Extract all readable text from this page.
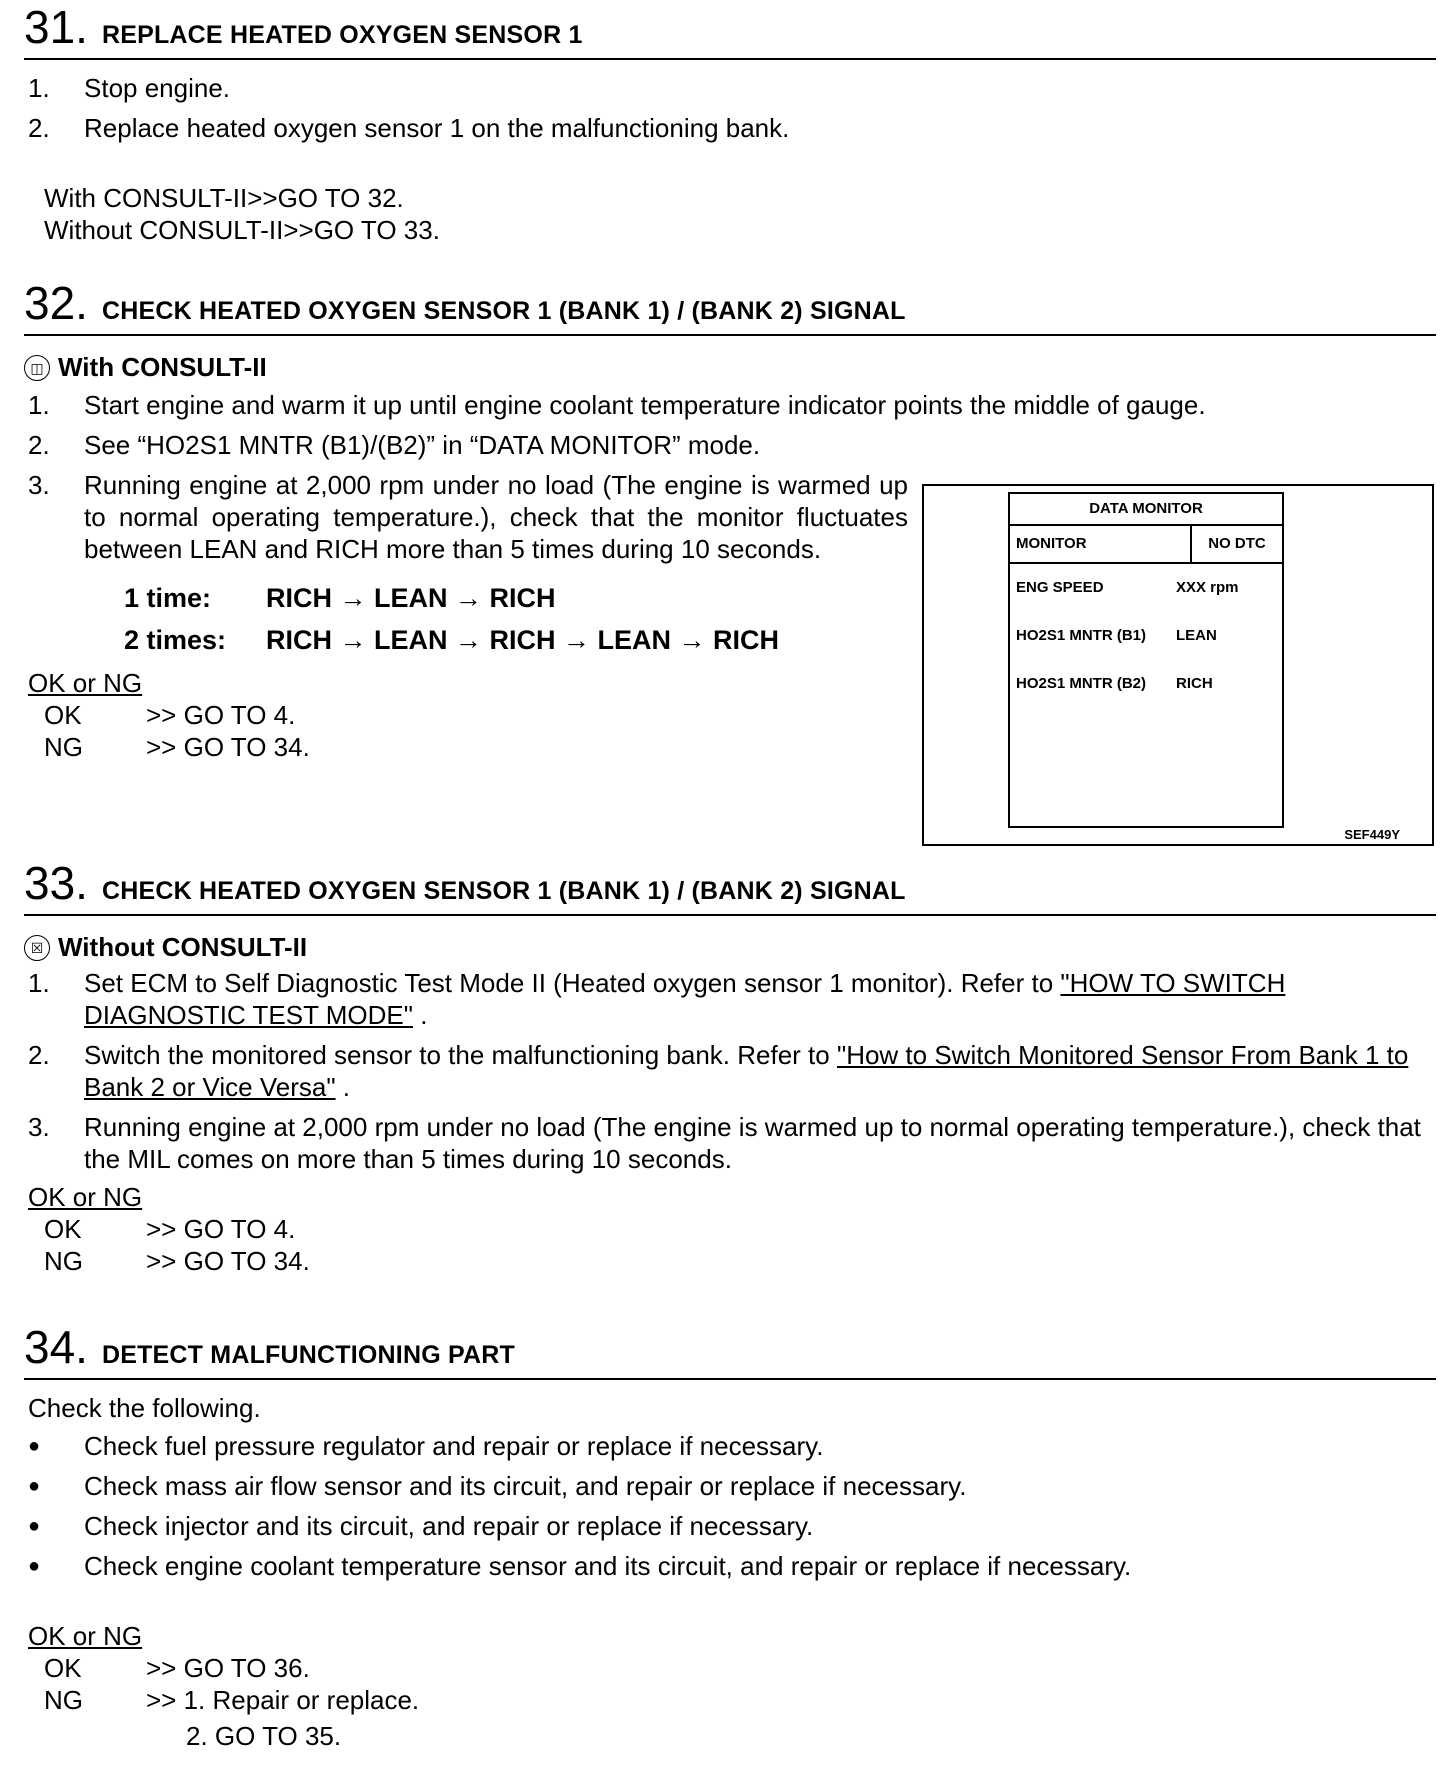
31 . REPLACE HEATED OXYGEN SENSOR 1
1.	Stop engine.
2.	Replace heated oxygen sensor 1 on the malfunctioning bank.
With CONSULT-II>>GO TO 32.
Without CONSULT-II>>GO TO 33.
32 . CHECK HEATED OXYGEN SENSOR 1 (BANK 1) / (BANK 2) SIGNAL
◫ With CONSULT-II
1.	Start engine and warm it up until engine coolant temperature indicator points the middle of gauge.
2.	See “HO2S1 MNTR (B1)/(B2)” in “DATA MONITOR” mode.
3.	Running engine at 2,000 rpm under no load (The engine is warmed up to normal operating temperature.), check that the monitor fluctuates between LEAN and RICH more than 5 times during 10 seconds.
1 time:	RICH → LEAN → RICH
2 times:	RICH → LEAN → RICH → LEAN → RICH
OK or NG
OK	>> GO TO 4.
NG	>> GO TO 34.
DATA MONITOR
MONITOR	NO DTC
ENG SPEED	XXX rpm
HO2S1 MNTR (B1)	LEAN
HO2S1 MNTR (B2)	RICH
SEF449Y
33 . CHECK HEATED OXYGEN SENSOR 1 (BANK 1) / (BANK 2) SIGNAL
☒ Without CONSULT-II
1.	Set ECM to Self Diagnostic Test Mode II (Heated oxygen sensor 1 monitor). Refer to "HOW TO SWITCH DIAGNOSTIC TEST MODE" .
2.	Switch the monitored sensor to the malfunctioning bank. Refer to "How to Switch Monitored Sensor From Bank 1 to Bank 2 or Vice Versa" .
3.	Running engine at 2,000 rpm under no load (The engine is warmed up to normal operating temperature.), check that the MIL comes on more than 5 times during 10 seconds.
OK or NG
OK	>> GO TO 4.
NG	>> GO TO 34.
34 . DETECT MALFUNCTIONING PART
Check the following.
●	Check fuel pressure regulator and repair or replace if necessary.
●	Check mass air flow sensor and its circuit, and repair or replace if necessary.
●	Check injector and its circuit, and repair or replace if necessary.
●	Check engine coolant temperature sensor and its circuit, and repair or replace if necessary.
OK or NG
OK	>> GO TO 36.
NG	>> 1. Repair or replace.
2. GO TO 35.
